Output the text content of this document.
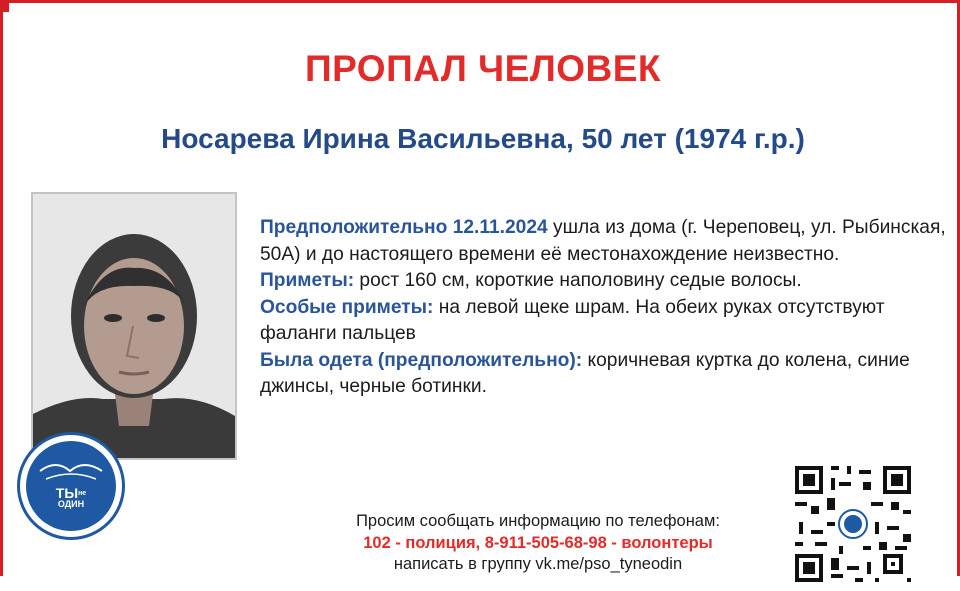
ПРОПАЛ ЧЕЛОВЕК
Носарева Ирина Васильевна, 50 лет (1974 г.р.)

Предположительно 12.11.2024 ушла из дома (г. Череповец, ул. Рыбинская, 50А) и до настоящего времени её местонахождение неизвестно.

Приметы: рост 160 см, короткие наполовину седые волосы.

Особые приметы: на левой щеке шрам. На обеих руках отсутствуют фаланги пальцев

Была одета (предположительно): коричневая куртка до колена, синие джинсы, черные ботинки.

$ТЫ^{не}$
ОДИН
Просим сообщать информацию по телефонам:
102 - полиция, 8-911-505-68-98 - волонтеры
написать в группу vk.me/pso_tyneodin
